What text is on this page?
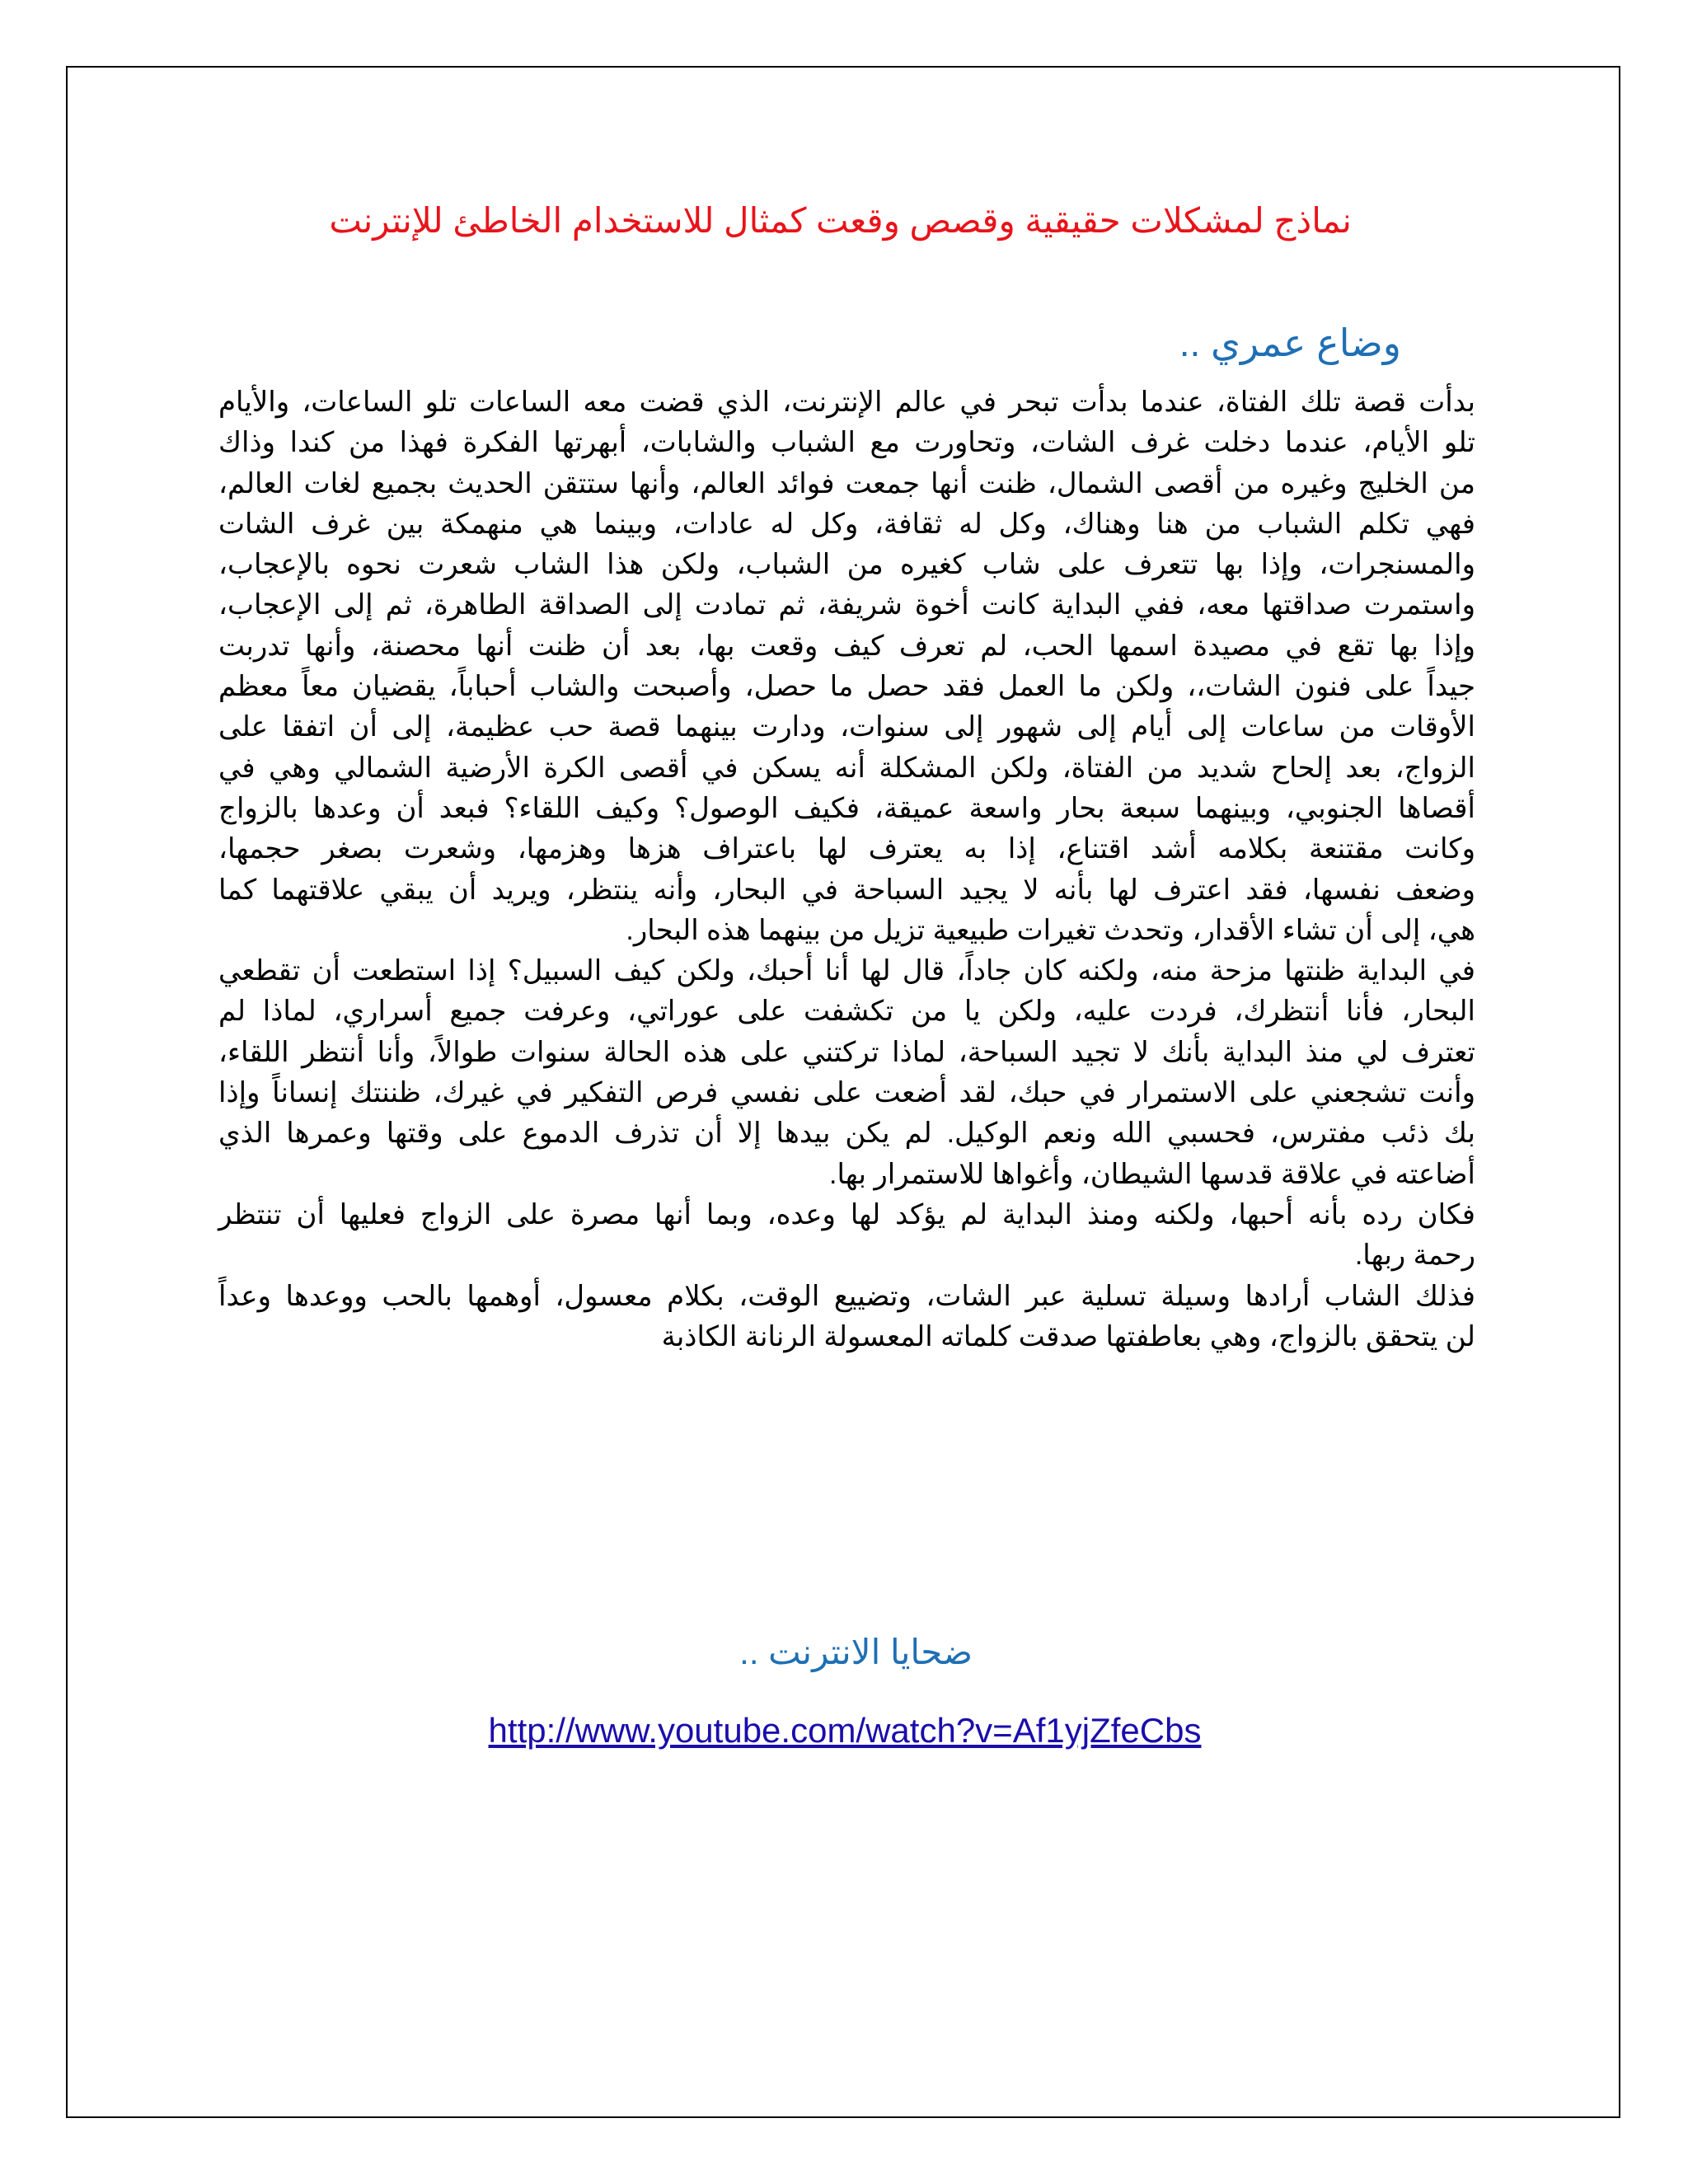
نماذج لمشكلات حقيقية وقصص وقعت كمثال للاستخدام الخاطئ للإنترنت
وضاع عمري ..
بدأت قصة تلك الفتاة، عندما بدأت تبحر في عالم الإنترنت، الذي قضت معه الساعات تلو الساعات، والأيام
تلو الأيام، عندما دخلت غرف الشات، وتحاورت مع الشباب والشابات، أبهرتها الفكرة فهذا من كندا وذاك
من الخليج وغيره من أقصى الشمال، ظنت أنها جمعت فوائد العالم، وأنها ستتقن الحديث بجميع لغات العالم،
فهي تكلم الشباب من هنا وهناك، وكل له ثقافة، وكل له عادات، وبينما هي منهمكة بين غرف الشات
والمسنجرات، وإذا بها تتعرف على شاب كغيره من الشباب، ولكن هذا الشاب شعرت نحوه بالإعجاب،
واستمرت صداقتها معه، ففي البداية كانت أخوة شريفة، ثم تمادت إلى الصداقة الطاهرة، ثم إلى الإعجاب،
وإذا بها تقع في مصيدة اسمها الحب، لم تعرف كيف وقعت بها، بعد أن ظنت أنها محصنة، وأنها تدربت
جيداً على فنون الشات،، ولكن ما العمل فقد حصل ما حصل، وأصبحت والشاب أحباباً، يقضيان معاً معظم
الأوقات من ساعات إلى أيام إلى شهور إلى سنوات، ودارت بينهما قصة حب عظيمة، إلى أن اتفقا على
الزواج، بعد إلحاح شديد من الفتاة، ولكن المشكلة أنه يسكن في أقصى الكرة الأرضية الشمالي وهي في
أقصاها الجنوبي، وبينهما سبعة بحار واسعة عميقة، فكيف الوصول؟ وكيف اللقاء؟ فبعد أن وعدها بالزواج
وكانت مقتنعة بكلامه أشد اقتناع، إذا به يعترف لها باعتراف هزها وهزمها، وشعرت بصغر حجمها،
وضعف نفسها، فقد اعترف لها بأنه لا يجيد السباحة في البحار، وأنه ينتظر، ويريد أن يبقي علاقتهما كما
هي، إلى أن تشاء الأقدار، وتحدث تغيرات طبيعية تزيل من بينهما هذه البحار.
في البداية ظنتها مزحة منه، ولكنه كان جاداً، قال لها أنا أحبك، ولكن كيف السبيل؟ إذا استطعت أن تقطعي
البحار، فأنا أنتظرك، فردت عليه، ولكن يا من تكشفت على عوراتي، وعرفت جميع أسراري، لماذا لم
تعترف لي منذ البداية بأنك لا تجيد السباحة، لماذا تركتني على هذه الحالة سنوات طوالاً، وأنا أنتظر اللقاء،
وأنت تشجعني على الاستمرار في حبك، لقد أضعت على نفسي فرص التفكير في غيرك، ظننتك إنساناً وإذا
بك ذئب مفترس، فحسبي الله ونعم الوكيل. لم يكن بيدها إلا أن تذرف الدموع على وقتها وعمرها الذي
أضاعته في علاقة قدسها الشيطان، وأغواها للاستمرار بها.
فكان رده بأنه أحبها، ولكنه ومنذ البداية لم يؤكد لها وعده، وبما أنها مصرة على الزواج فعليها أن تنتظر
رحمة ربها.
فذلك الشاب أرادها وسيلة تسلية عبر الشات، وتضييع الوقت، بكلام معسول، أوهمها بالحب ووعدها وعداً
لن يتحقق بالزواج، وهي بعاطفتها صدقت كلماته المعسولة الرنانة الكاذبة
ضحايا الانترنت ..
http://www.youtube.com/watch?v=Af1yjZfeCbs
